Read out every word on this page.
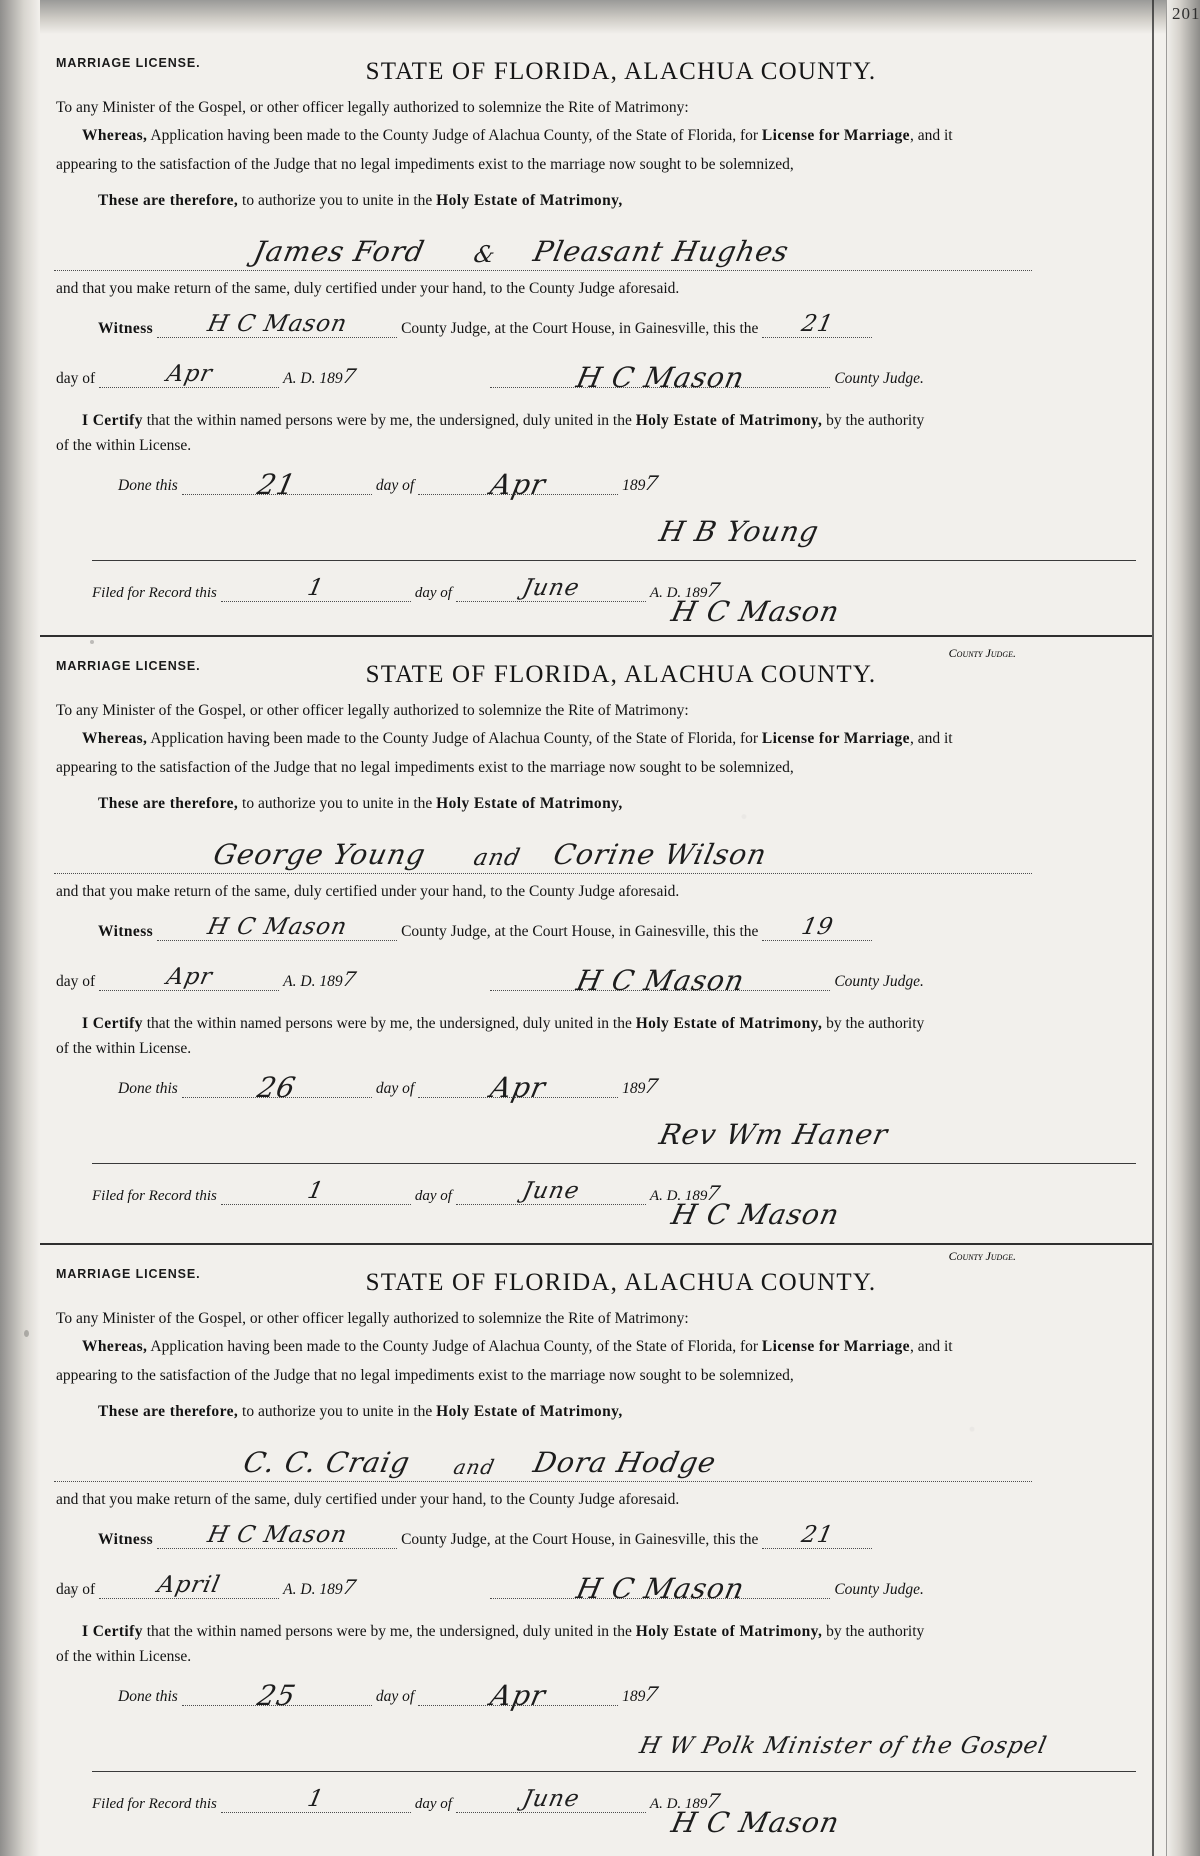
201
MARRIAGE LICENSE.	STATE OF FLORIDA, ALACHUA COUNTY.
To any Minister of the Gospel, or other officer legally authorized to solemnize the Rite of Matrimony:
Whereas, Application having been made to the County Judge of Alachua County, of the State of Florida, for License for Marriage, and it
appearing to the satisfaction of the Judge that no legal impediments exist to the marriage now sought to be solemnized,
These are therefore, to authorize you to unite in the Holy Estate of Matrimony,
James Ford & Pleasant Hughes
and that you make return of the same, duly certified under your hand, to the County Judge aforesaid.
Witness H C Mason	County Judge, at the Court House, in Gainesville, this the 21
day of	Apr	A. D. 1897	H C Mason	County Judge.
I Certify that the within named persons were by me, the undersigned, duly united in the Holy Estate of Matrimony, by the authority
of the within License.
Done this	21	day of	Apr	1897
H B Young
Filed for Record this	1	day of	June	A. D. 1897
H C Mason
County Judge.
MARRIAGE LICENSE.	STATE OF FLORIDA, ALACHUA COUNTY.
To any Minister of the Gospel, or other officer legally authorized to solemnize the Rite of Matrimony:
Whereas, Application having been made to the County Judge of Alachua County, of the State of Florida, for License for Marriage, and it
appearing to the satisfaction of the Judge that no legal impediments exist to the marriage now sought to be solemnized,
These are therefore, to authorize you to unite in the Holy Estate of Matrimony,
George Young and Corine Wilson
and that you make return of the same, duly certified under your hand, to the County Judge aforesaid.
Witness H C Mason	County Judge, at the Court House, in Gainesville, this the 19
day of	Apr	A. D. 1897	H C Mason	County Judge.
I Certify that the within named persons were by me, the undersigned, duly united in the Holy Estate of Matrimony, by the authority
of the within License.
Done this	26	day of	Apr	1897
Rev Wm Haner
Filed for Record this	1	day of	June	A. D. 1897
H C Mason
County Judge.
MARRIAGE LICENSE.	STATE OF FLORIDA, ALACHUA COUNTY.
To any Minister of the Gospel, or other officer legally authorized to solemnize the Rite of Matrimony:
Whereas, Application having been made to the County Judge of Alachua County, of the State of Florida, for License for Marriage, and it
appearing to the satisfaction of the Judge that no legal impediments exist to the marriage now sought to be solemnized,
These are therefore, to authorize you to unite in the Holy Estate of Matrimony,
C. C. Craig and Dora Hodge
and that you make return of the same, duly certified under your hand, to the County Judge aforesaid.
Witness H C Mason	County Judge, at the Court House, in Gainesville, this the 21
day of	April	A. D. 1897	H C Mason	County Judge.
I Certify that the within named persons were by me, the undersigned, duly united in the Holy Estate of Matrimony, by the authority
of the within License.
Done this	25	day of	Apr	1897
H W Polk Minister of the Gospel
Filed for Record this	1	day of	June	A. D. 1897
H C Mason
